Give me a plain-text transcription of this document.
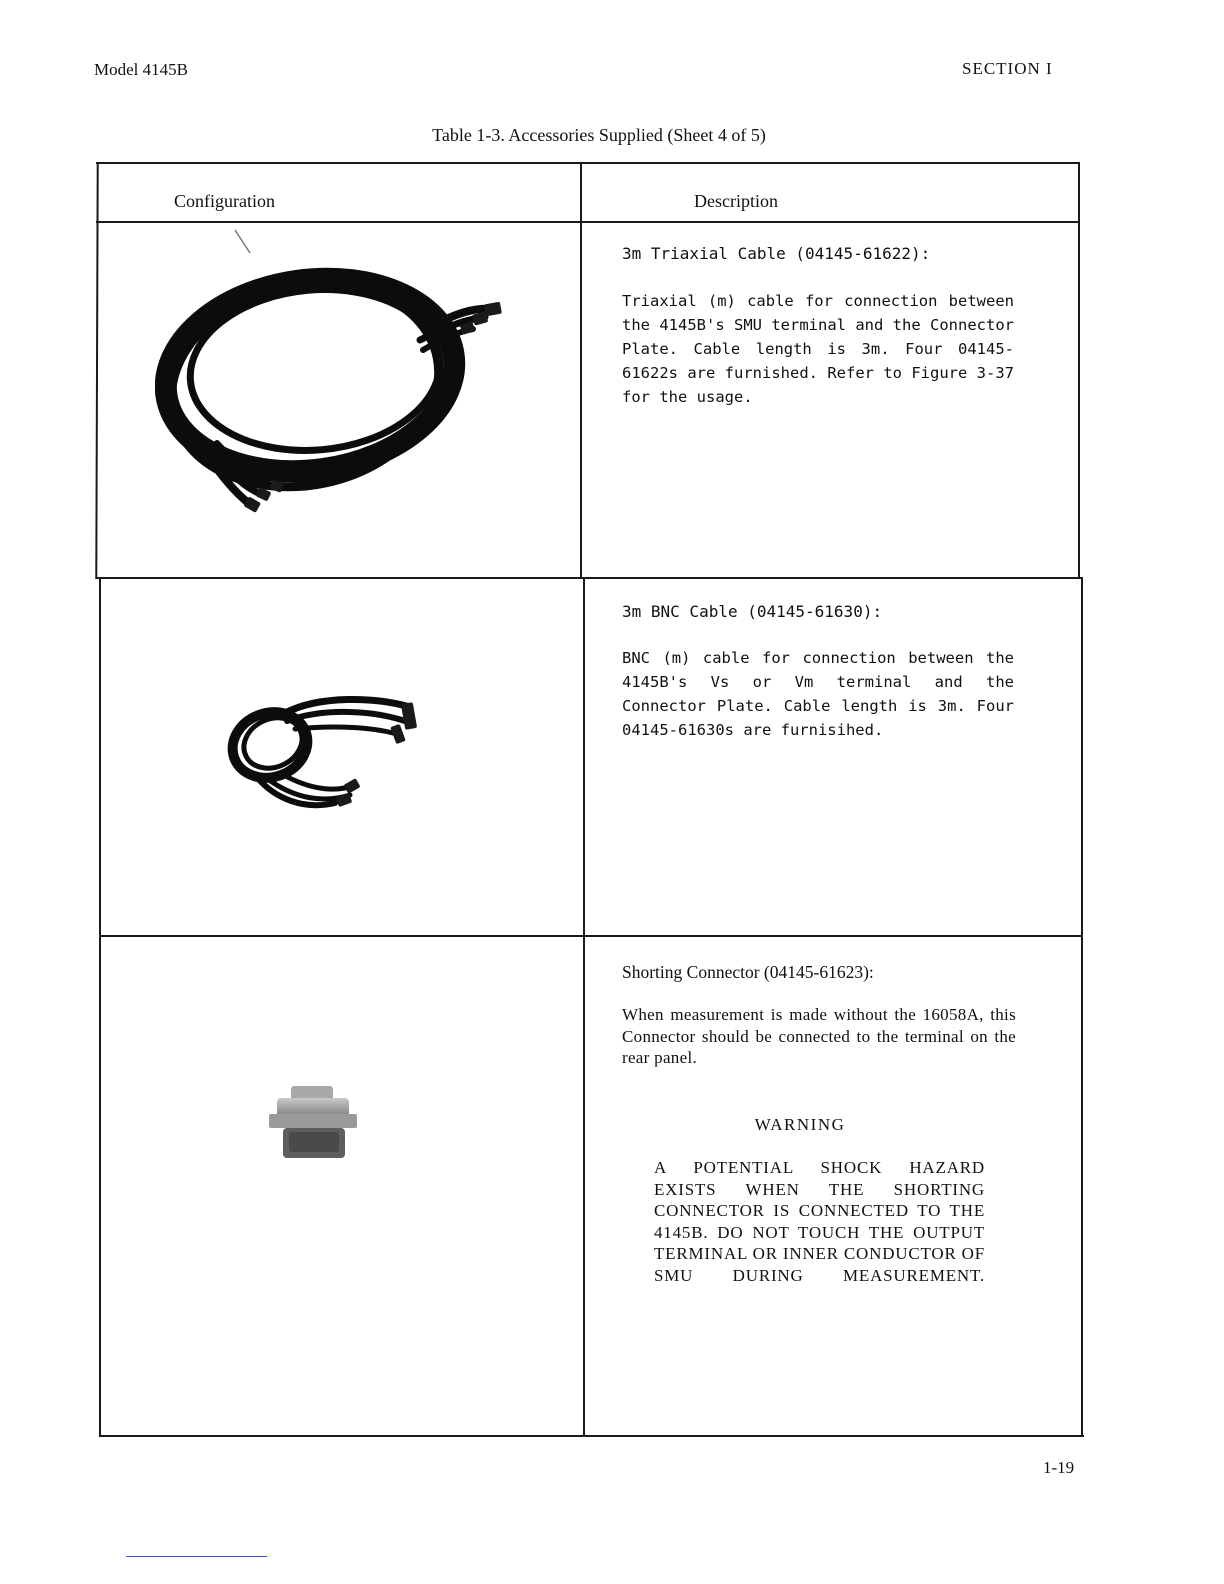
Model 4145B	SECTION I
Table 1-3. Accessories Supplied (Sheet 4 of 5)
Configuration	Description
3m Triaxial Cable (04145-61622):
Triaxial (m) cable for connection between the 4145B's SMU terminal and the Connector Plate. Cable length is 3m. Four 04145-61622s are furnished. Refer to Figure 3-37 for the usage.
3m BNC Cable (04145-61630):
BNC (m) cable for connection between the 4145B's Vs or Vm terminal and the Connector Plate. Cable length is 3m. Four 04145-61630s are furnisihed.
Shorting Connector (04145-61623):
When measurement is made without the 16058A, this Connector should be connected to the terminal on the rear panel.
WARNING
A POTENTIAL SHOCK HAZARD EXISTS WHEN THE SHORTING CONNECTOR IS CONNECTED TO THE 4145B. DO NOT TOUCH THE OUTPUT TERMINAL OR INNER CONDUCTOR OF SMU DURING MEASUREMENT.
1-19
